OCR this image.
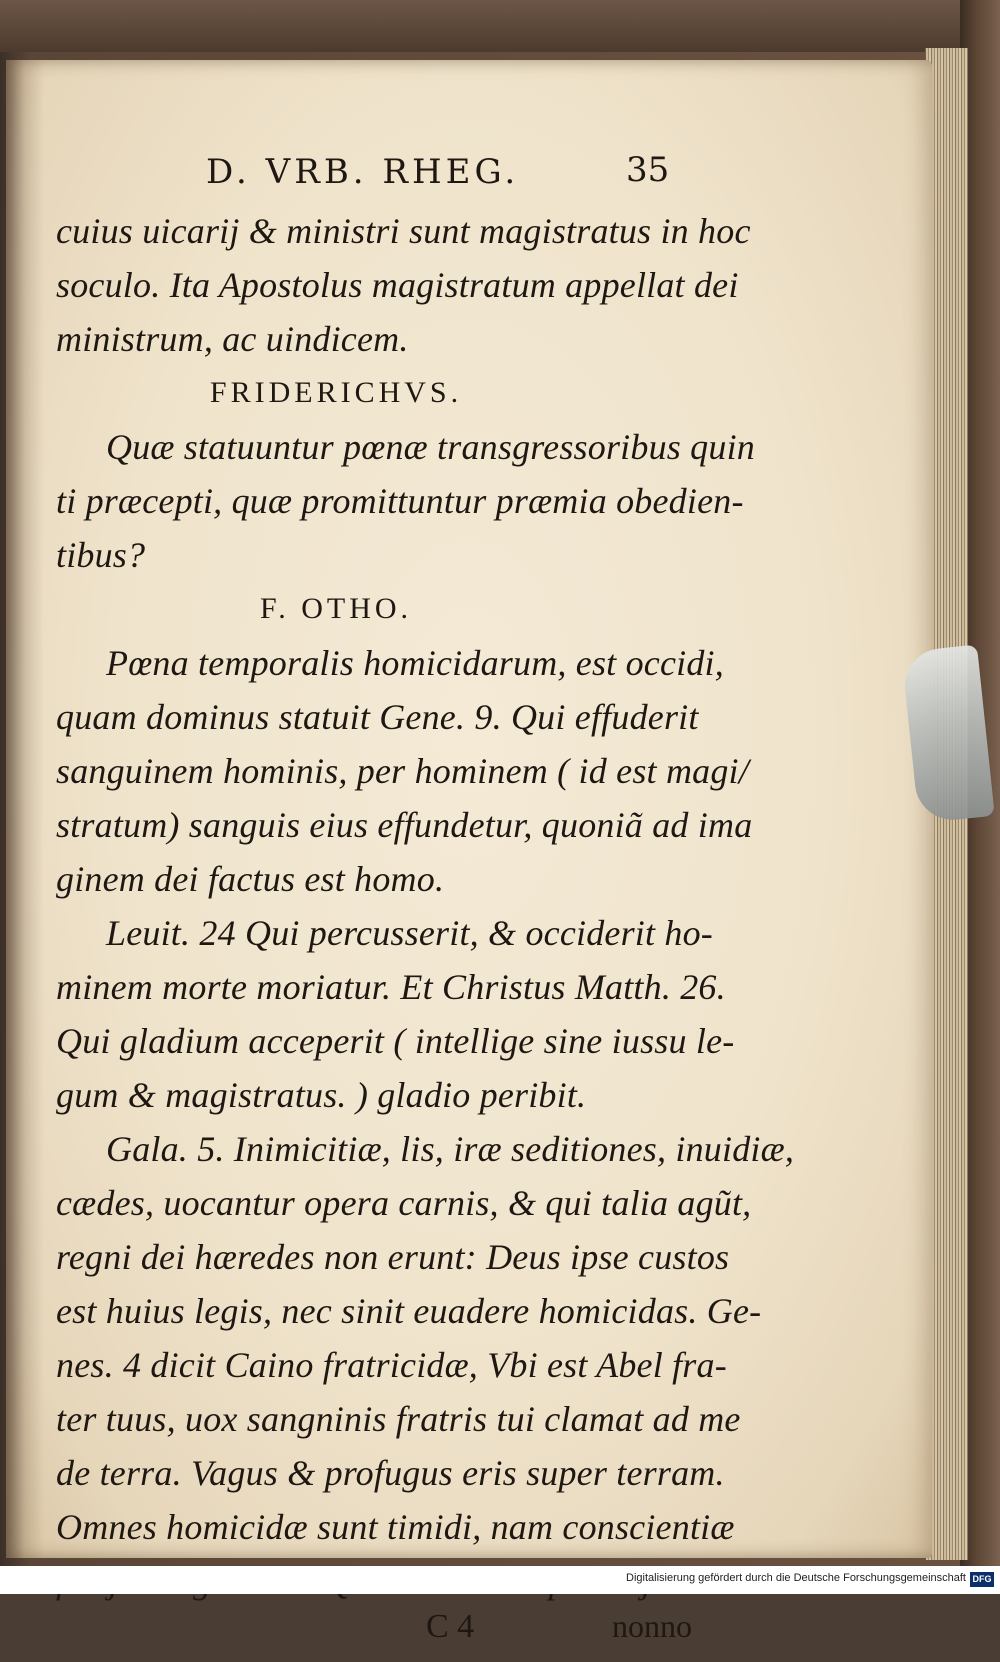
D. VRB. RHEG.	35
cuius uicarij & ministri sunt magistratus in hoc
soculo. Ita Apostolus magistratum appellat dei
ministrum, ac uindicem.
FRIDERICHVS.
Quæ statuuntur pœnæ transgressoribus quin
ti præcepti, quæ promittuntur præmia obedien-
tibus?
F. OTHO.
Pœna temporalis homicidarum, est occidi,
quam dominus statuit Gene. 9. Qui effuderit
sanguinem hominis, per hominem ( id est magi/
stratum) sanguis eius effundetur, quoniã ad ima
ginem dei factus est homo.
Leuit. 24 Qui percusserit, & occiderit ho-
minem morte moriatur. Et Christus Matth. 26.
Qui gladium acceperit ( intellige sine iussu le-
gum & magistratus. ) gladio peribit.
Gala. 5. Inimicitiæ, lis, iræ seditiones, inuidiæ,
cædes, uocantur opera carnis, & qui talia agũt,
regni dei hæredes non erunt: Deus ipse custos
est huius legis, nec sinit euadere homicidas. Ge-
nes. 4 dicit Caino fratricidæ, Vbi est Abel fra-
ter tuus, uox sangninis fratris tui clamat ad me
de terra. Vagus & profugus eris super terram.
Omnes homicidæ sunt timidi, nam conscientiæ
C 4	nonno
Digitalisierung gefördert durch die Deutsche Forschungsgemeinschaft DFG
